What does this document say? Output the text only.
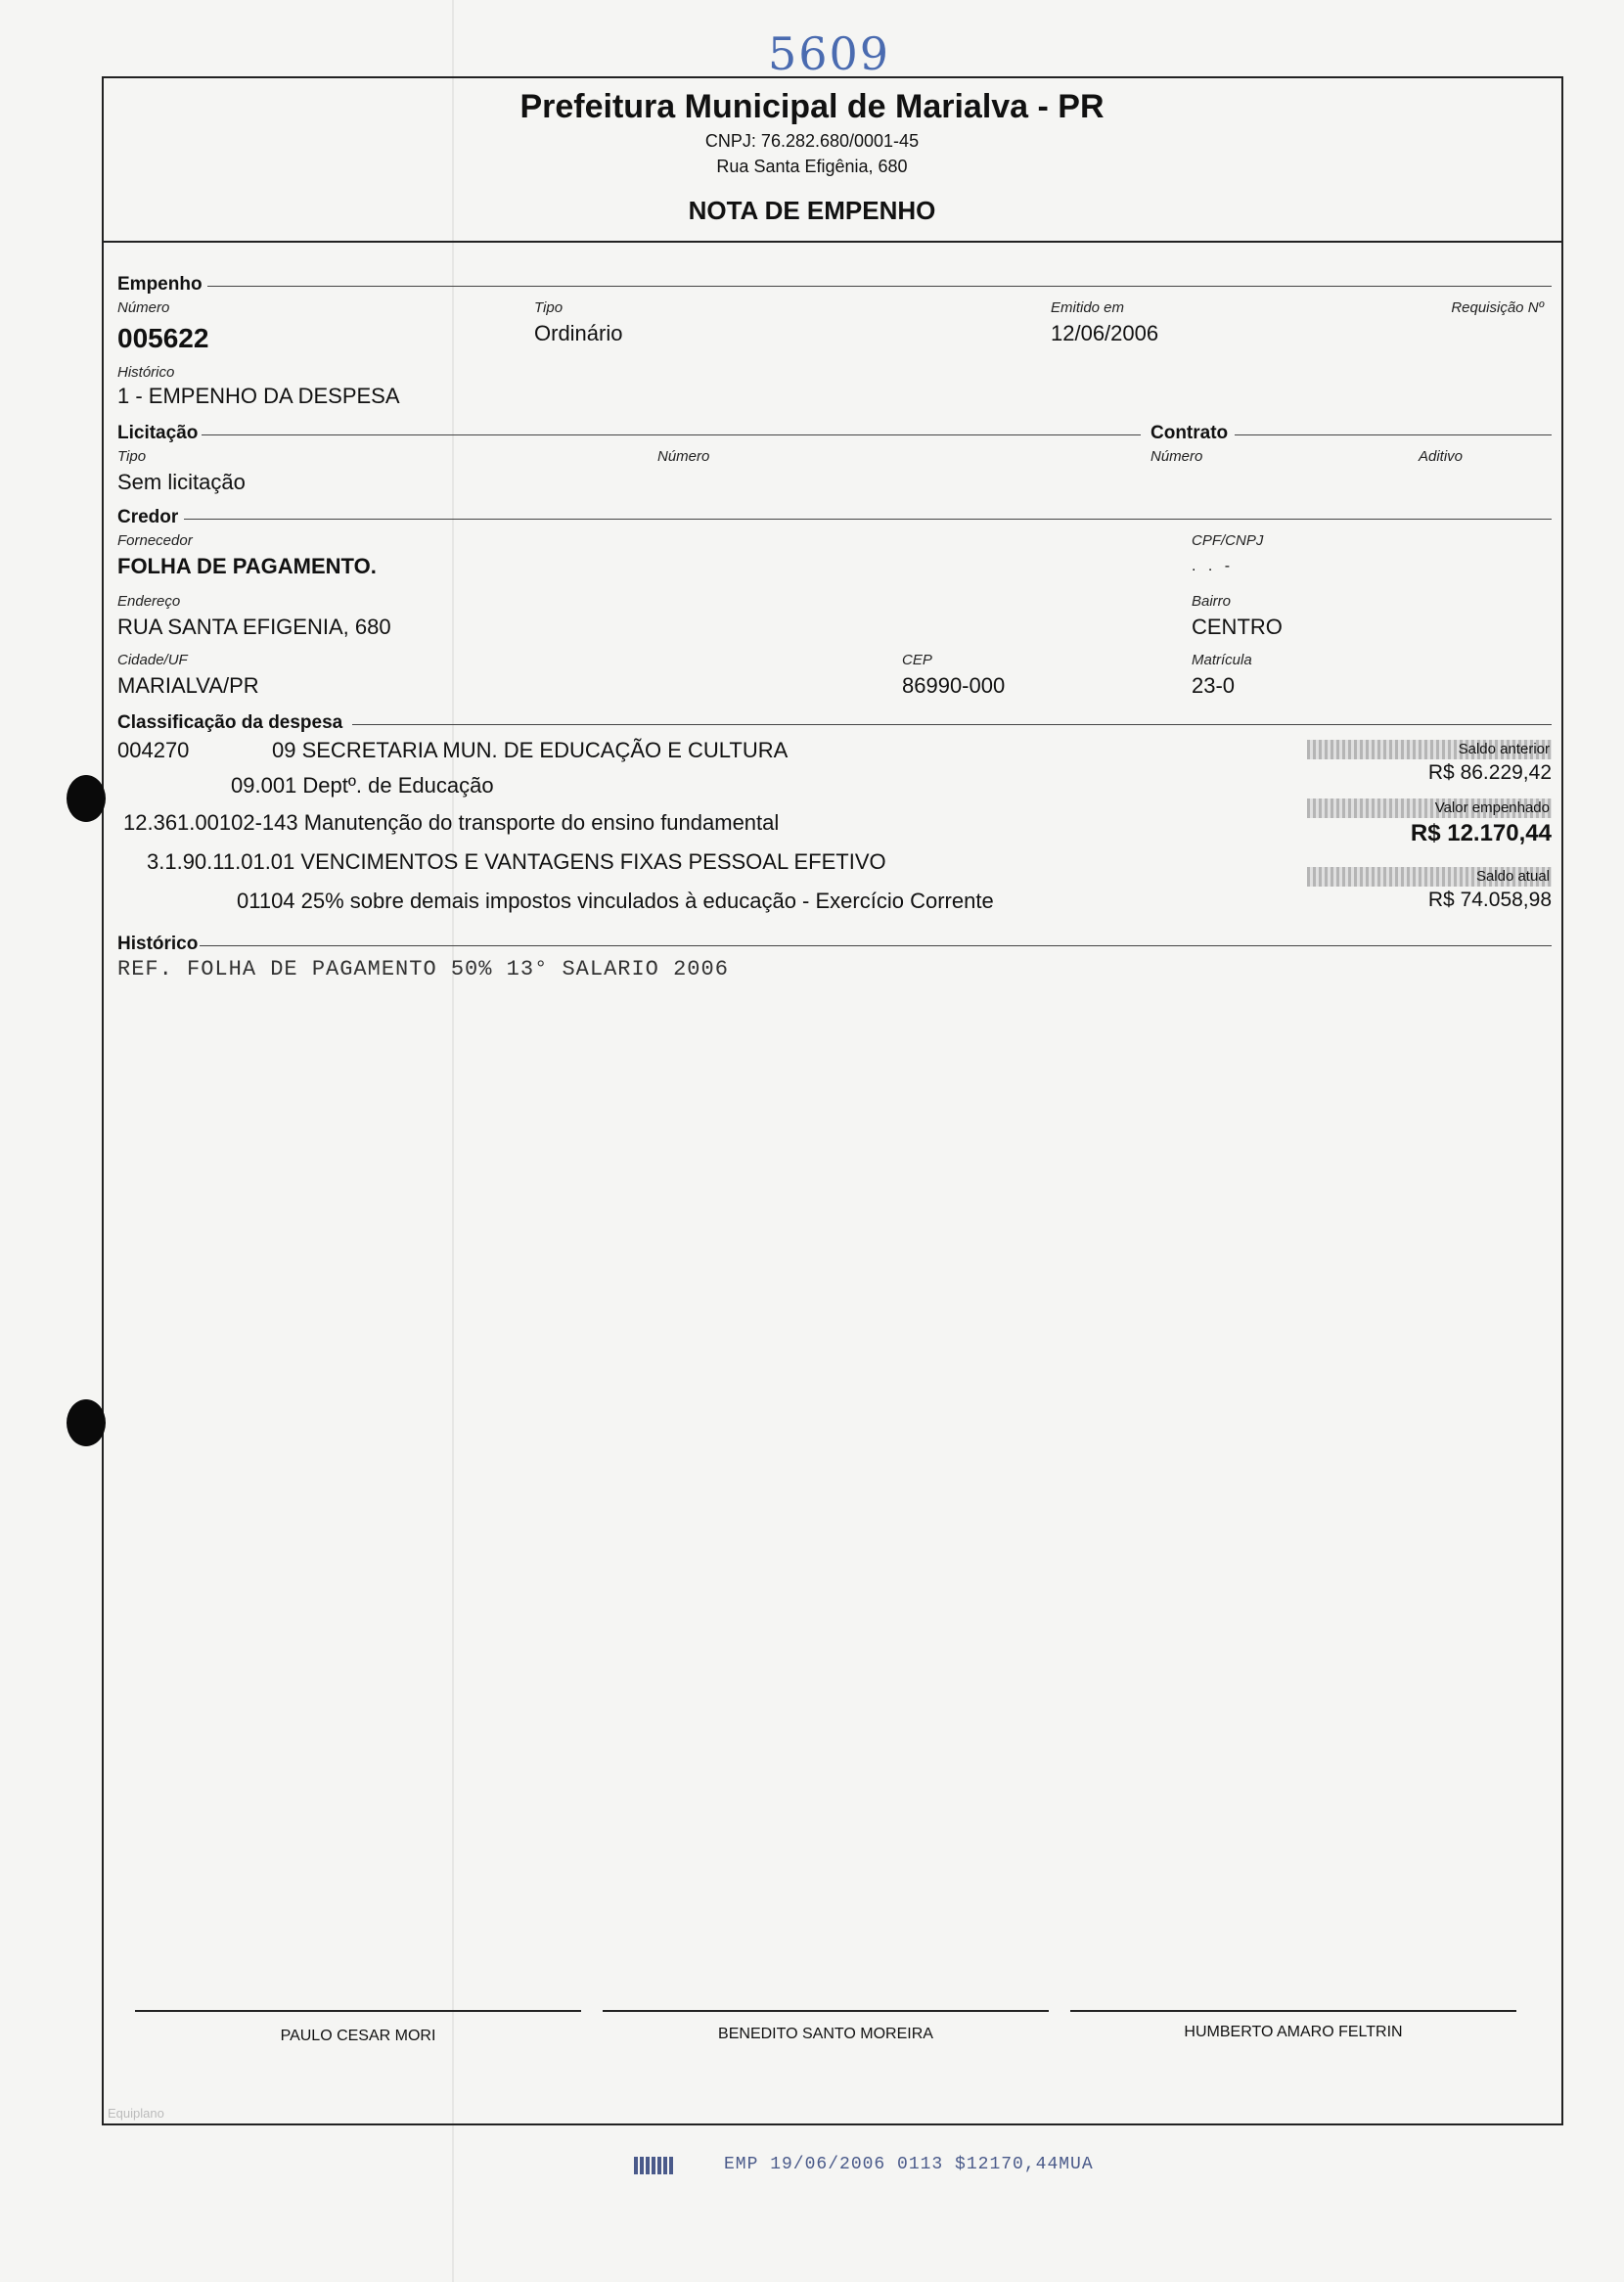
5609
Prefeitura Municipal de Marialva - PR
CNPJ: 76.282.680/0001-45
Rua Santa Efigênia, 680
NOTA DE EMPENHO
Empenho
Número
005622
Tipo
Ordinário
Emitido em
12/06/2006
Requisição Nº
Histórico
1 - EMPENHO DA DESPESA
Licitação	Contrato
Tipo
Sem licitação
Número	Número	Aditivo
Credor
Fornecedor
FOLHA DE PAGAMENTO.
CPF/CNPJ
. . -
Endereço
RUA SANTA EFIGENIA, 680
Bairro
CENTRO
Cidade/UF
MARIALVA/PR
CEP
86990-000
Matrícula
23-0
Classificação da despesa
004270	09 SECRETARIA MUN. DE EDUCAÇÃO E CULTURA
09.001 Deptº. de Educação
12.361.00102-143 Manutenção do transporte do ensino fundamental
3.1.90.11.01.01 VENCIMENTOS E VANTAGENS FIXAS PESSOAL EFETIVO
01104 25% sobre demais impostos vinculados à educação - Exercício Corrente
Saldo anterior
R$ 86.229,42
Valor empenhado
R$ 12.170,44
Saldo atual
R$ 74.058,98
Histórico
REF. FOLHA DE PAGAMENTO 50% 13° SALARIO 2006
PAULO CESAR MORI	BENEDITO SANTO MOREIRA	HUMBERTO AMARO FELTRIN
Equiplano
EMP 19/06/2006 0113 $12170,44MUA
